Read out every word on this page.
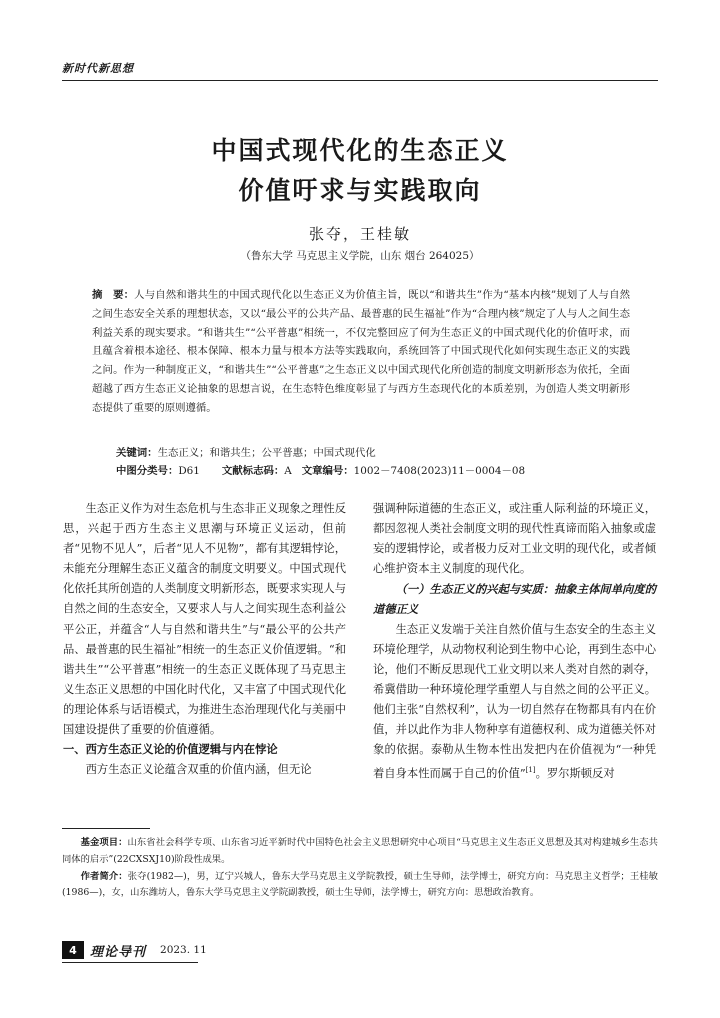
新时代新思想
中国式现代化的生态正义
价值吁求与实践取向
张夺，王桂敏
（鲁东大学 马克思主义学院，山东 烟台 264025）
摘　要：人与自然和谐共生的中国式现代化以生态正义为价值主旨，既以“和谐共生”作为“基本内核”规划了人与自然之间生态安全关系的理想状态，又以“最公平的公共产品、最普惠的民生福祉”作为“合理内核”规定了人与人之间生态利益关系的现实要求。“和谐共生”“公平普惠”相统一，不仅完整回应了何为生态正义的中国式现代化的价值吁求，而且蕴含着根本途径、根本保障、根本力量与根本方法等实践取向，系统回答了中国式现代化如何实现生态正义的实践之问。作为一种制度正义，“和谐共生”“公平普惠”之生态正义以中国式现代化所创造的制度文明新形态为依托，全面超越了西方生态正义论抽象的思想言说，在生态特色维度彰显了与西方生态现代化的本质差别，为创造人类文明新形态提供了重要的原则遵循。
关键词：生态正义；和谐共生；公平普惠；中国式现代化
中图分类号：D61 文献标志码：A 文章编号：1002－7408(2023)11－0004－08

生态正义作为对生态危机与生态非正义现象之理性反思，兴起于西方生态主义思潮与环境正义运动，但前者“见物不见人”，后者“见人不见物”，都有其逻辑悖论，未能充分理解生态正义蕴含的制度文明要义。中国式现代化依托其所创造的人类制度文明新形态，既要求实现人与自然之间的生态安全，又要求人与人之间实现生态利益公平公正，并蕴含“人与自然和谐共生”与“最公平的公共产品、最普惠的民生福祉”相统一的生态正义价值逻辑。“和谐共生”“公平普惠”相统一的生态正义既体现了马克思主义生态正义思想的中国化时代化，又丰富了中国式现代化的理论体系与话语模式，为推进生态治理现代化与美丽中国建设提供了重要的价值遵循。

一、西方生态正义论的价值逻辑与内在悖论

西方生态正义论蕴含双重的价值内涵，但无论

强调种际道德的生态正义，或注重人际利益的环境正义，都因忽视人类社会制度文明的现代性真谛而陷入抽象或虚妄的逻辑悖论，或者极力反对工业文明的现代化，或者倾心维护资本主义制度的现代化。

（一）生态正义的兴起与实质：抽象主体间单向度的道德正义

生态正义发端于关注自然价值与生态安全的生态主义环境伦理学，从动物权利论到生物中心论，再到生态中心论，他们不断反思现代工业文明以来人类对自然的剥夺，希冀借助一种环境伦理学重塑人与自然之间的公平正义。他们主张“自然权利”，认为一切自然存在物都具有内在价值，并以此作为非人物种享有道德权利、成为道德关怀对象的依据。泰勒从生物本性出发把内在价值视为“一种凭着自身本性而属于自己的价值”[1]。罗尔斯顿反对

基金项目：山东省社会科学专项、山东省习近平新时代中国特色社会主义思想研究中心项目“马克思主义生态正义思想及其对构建城乡生态共同体的启示”(22CXSXJ10)阶段性成果。

作者简介：张夺(1982—)，男，辽宁兴城人，鲁东大学马克思主义学院教授，硕士生导师，法学博士，研究方向：马克思主义哲学；王桂敏(1986—)，女，山东潍坊人，鲁东大学马克思主义学院副教授，硕士生导师，法学博士，研究方向：思想政治教育。

4	理论导刊 2023. 11
